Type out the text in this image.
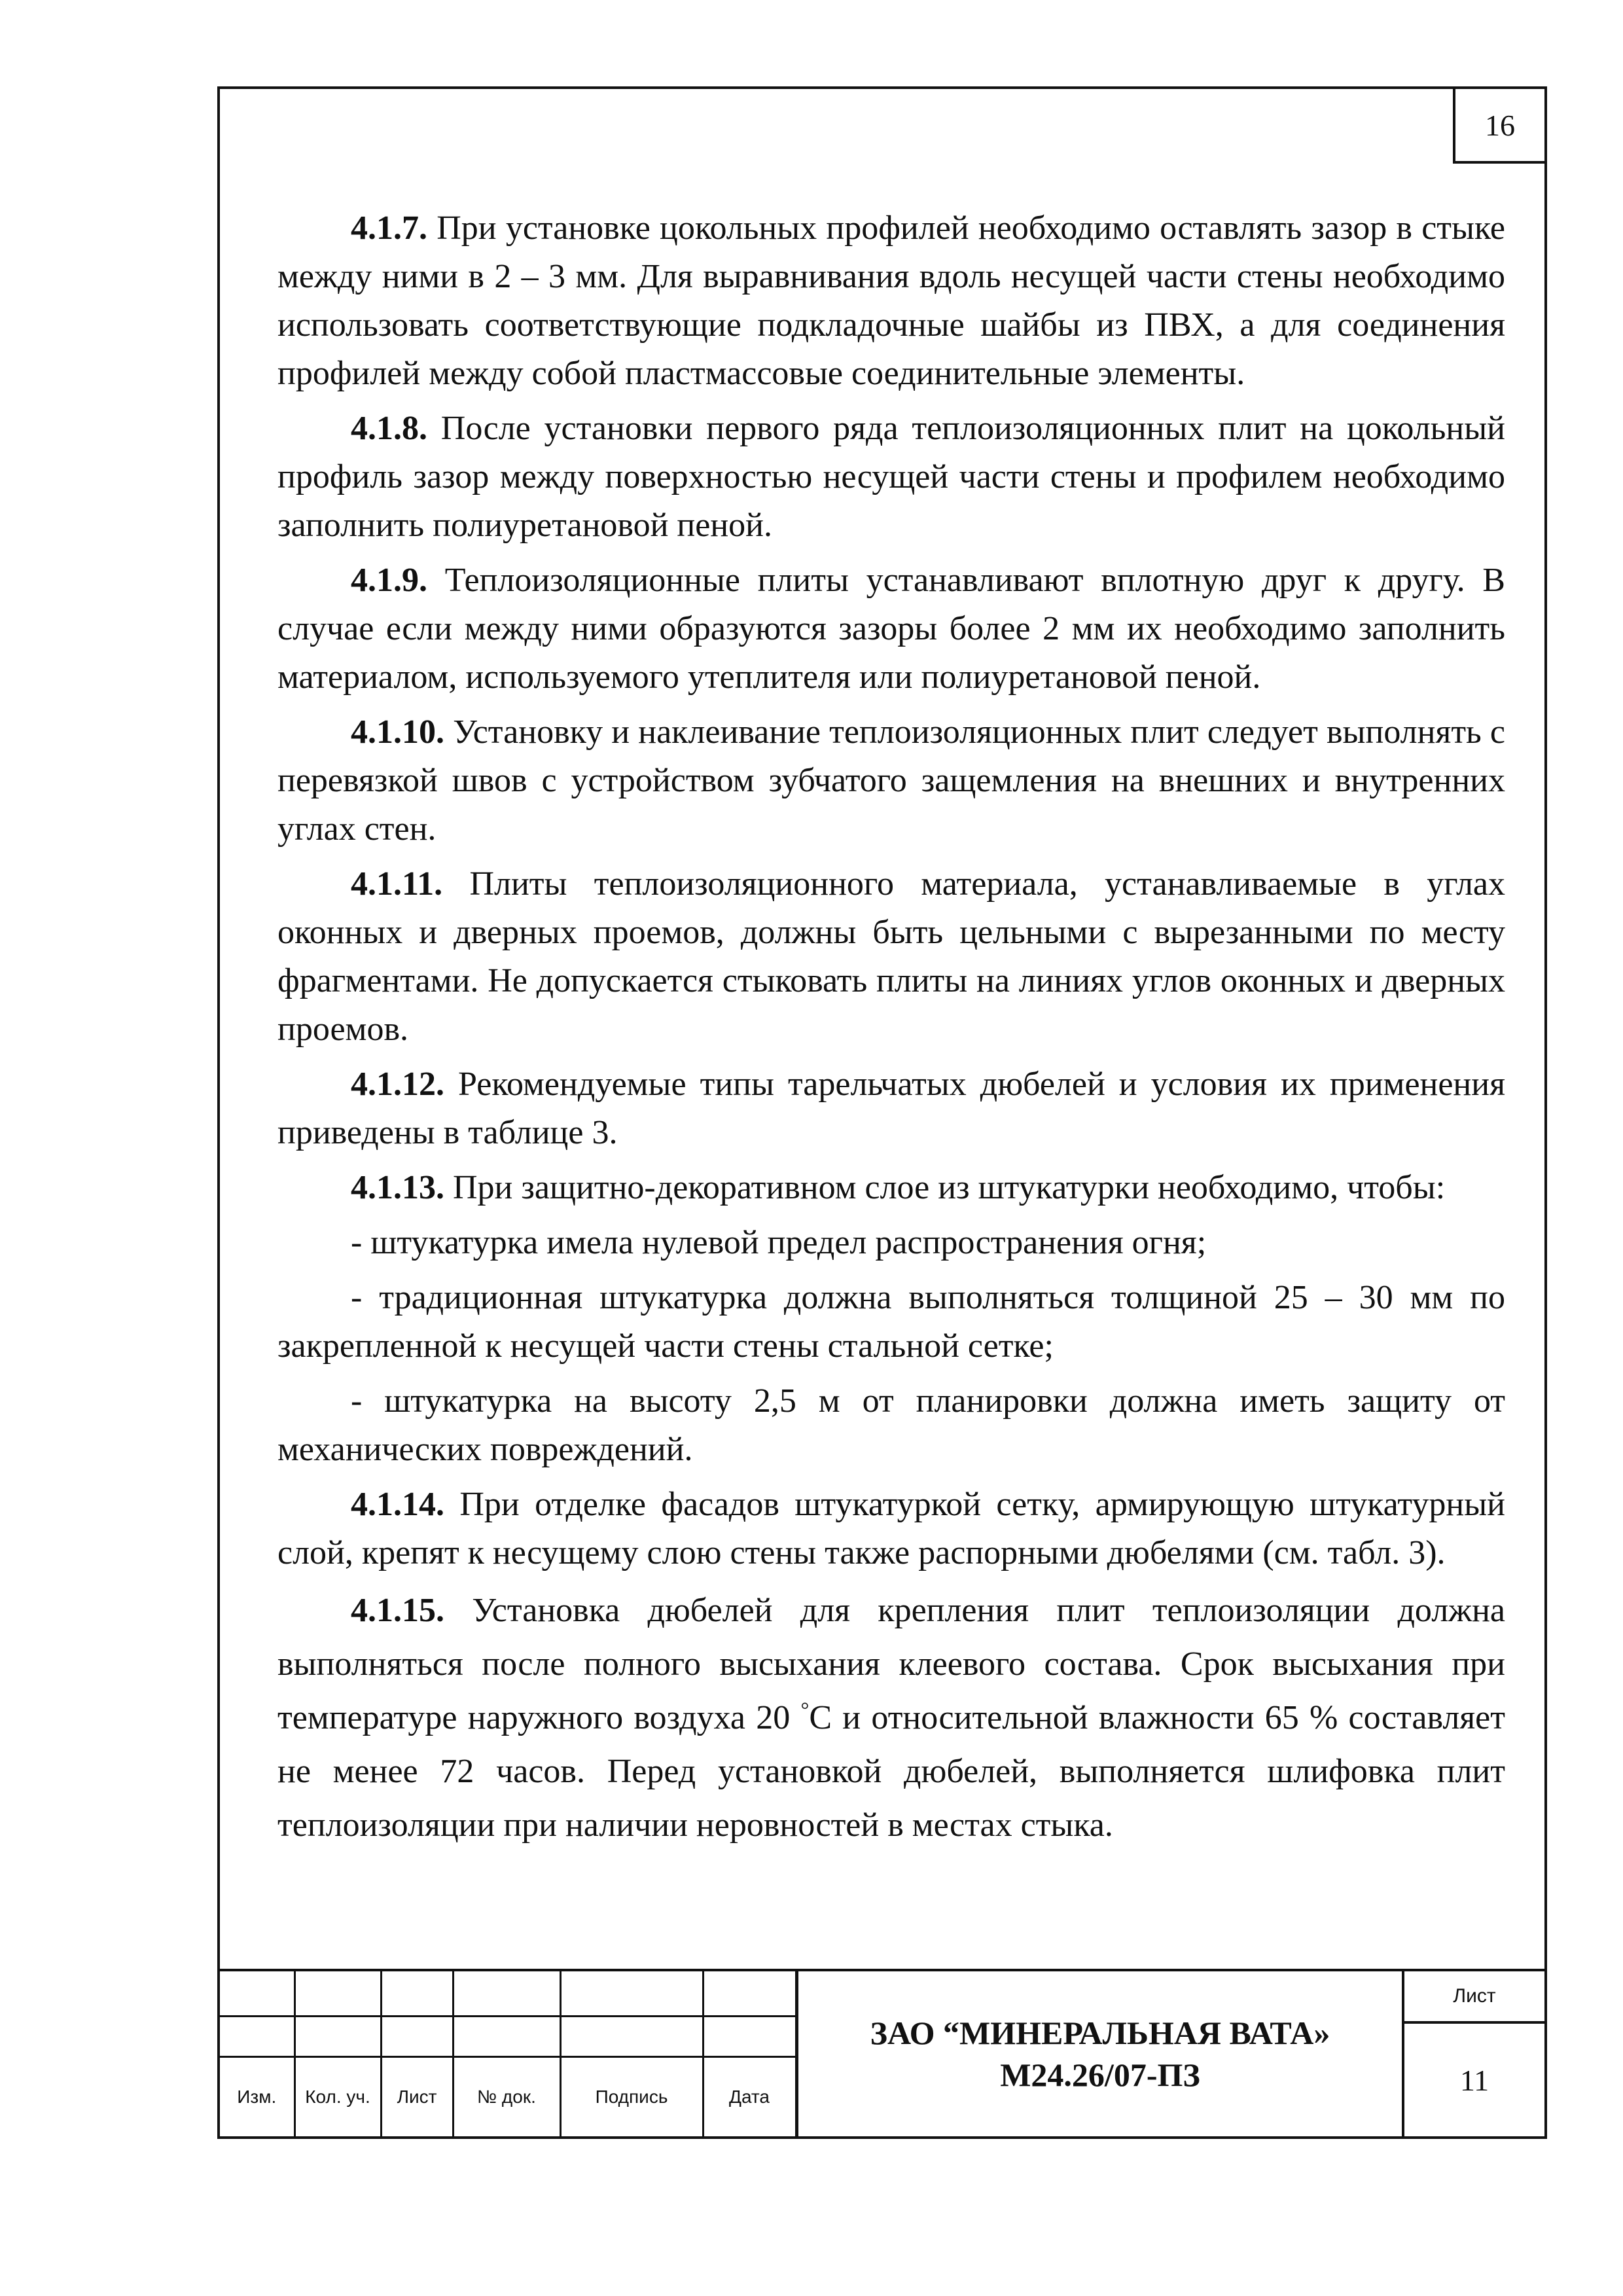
16

4.1.7. При установке цокольных профилей необходимо оставлять зазор в стыке между ними в 2 – 3 мм. Для выравнивания вдоль несущей части стены необходимо использовать соответствующие подкладочные шайбы из ПВХ, а для соединения профилей между собой пластмассовые соединительные элементы.

4.1.8. После установки первого ряда теплоизоляционных плит на цокольный профиль зазор между поверхностью несущей части стены и профилем необходимо заполнить полиуретановой пеной.

4.1.9. Теплоизоляционные плиты устанавливают вплотную друг к другу. В случае если между ними образуются зазоры более 2 мм их необходимо заполнить материалом, используемого утеплителя или полиуретановой пеной.

4.1.10. Установку и наклеивание теплоизоляционных плит следует выполнять с перевязкой швов с устройством зубчатого защемления на внешних и внутренних углах стен.

4.1.11. Плиты теплоизоляционного материала, устанавливаемые в углах оконных и дверных проемов, должны быть цельными с вырезанными по месту фрагментами. Не допускается стыковать плиты на линиях углов оконных и дверных проемов.

4.1.12. Рекомендуемые типы тарельчатых дюбелей и условия их применения приведены в таблице 3.

4.1.13. При защитно-декоративном слое из штукатурки необходимо, чтобы:

- штукатурка имела нулевой предел распространения огня;

- традиционная штукатурка должна выполняться толщиной 25 – 30 мм по закрепленной к несущей части стены стальной сетке;

- штукатурка на высоту 2,5 м от планировки должна иметь защиту от механических повреждений.

4.1.14. При отделке фасадов штукатуркой сетку, армирующую штукатурный слой, крепят к несущему слою стены также распорными дюбелями (см. табл. 3).

4.1.15. Установка дюбелей для крепления плит теплоизоляции должна выполняться после полного высыхания клеевого состава. Срок высыхания при температуре наружного воздуха 20 °С и относительной влажности 65 % составляет не менее 72 часов. Перед установкой дюбелей, выполняется шлифовка плит теплоизоляции при наличии неровностей в местах стыка.

Изм.	Кол. уч.	Лист	№ док.	Подпись	Дата
ЗАО “МИНЕРАЛЬНАЯ ВАТА»
М24.26/07-ПЗ
Лист
11
